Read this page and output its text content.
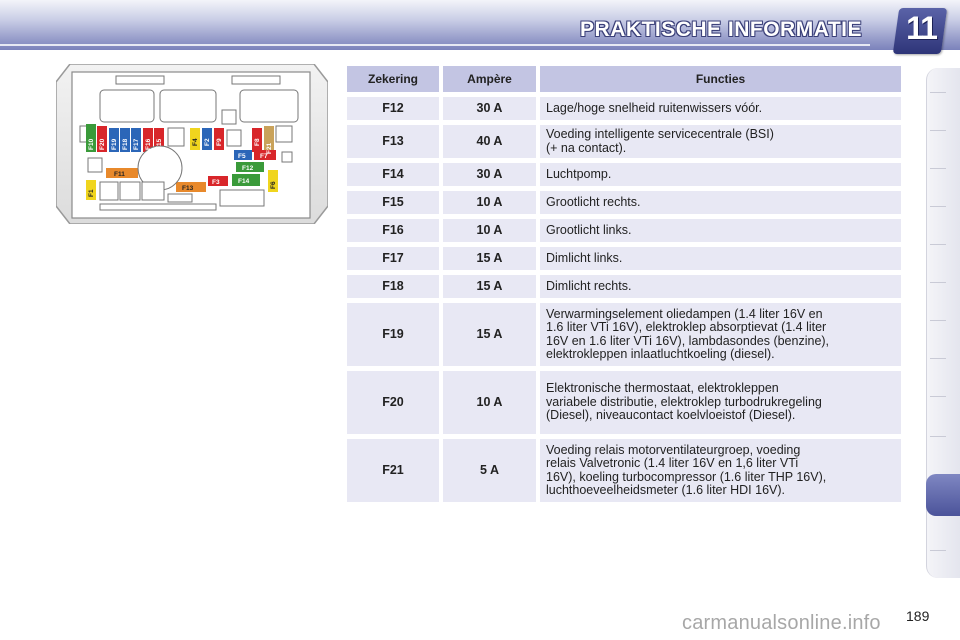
PRAKTISCHE INFORMATIE 11
F10 F20 F19 F18 F17 F16 F15	F4 F2 F9	F8
F21
F5 F7
F12
F11
F3	F14
F13
F1
F6
Zekering	Ampère	Functies
F12	30 A	Lage/hoge snelheid ruitenwissers vóór.

F13	40 A	Voeding intelligente servicecentrale (BSI)
(+ na contact).

F14	30 A	Luchtpomp.

F15	10 A	Grootlicht rechts.

F16	10 A	Grootlicht links.

F17	15 A	Dimlicht links.

F18	15 A	Dimlicht rechts.

F19	15 A	Verwarmingselement oliedampen (1.4 liter 16V en
1.6 liter VTi 16V), elektroklep absorptievat (1.4 liter
16V en 1.6 liter VTi 16V), lambdasondes (benzine),
elektrokleppen inlaatluchtkoeling (diesel).

F20	10 A	Elektronische thermostaat, elektrokleppen
variabele distributie, elektroklep turbodrukregeling
(Diesel), niveaucontact koelvloeistof (Diesel).

F21	5 A	Voeding relais motorventilateurgroep, voeding
relais Valvetronic (1.4 liter 16V en 1,6 liter VTi
16V), koeling turbocompressor (1.6 liter THP 16V),
luchthoeveelheidsmeter (1.6 liter HDI 16V).
189
carmanualsonline.info
